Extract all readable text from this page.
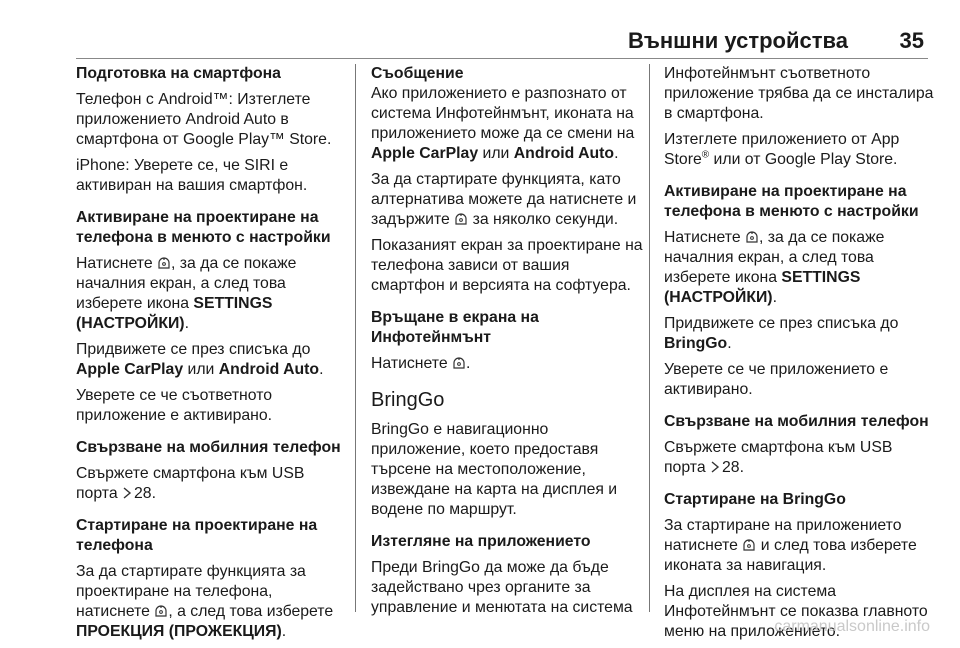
Външни устройства 35
Подготовка на смартфона
Телефон с Android™: Изтеглете приложението Android Auto в смартфона от Google Play™ Store.
iPhone: Уверете се, че SIRI е активиран на вашия смартфон.
Активиране на проектиране на телефона в менюто с настройки
Натиснете , за да се покаже началния екран, а след това изберете икона SETTINGS (НАСТРОЙКИ).
Придвижете се през списъка до Apple CarPlay или Android Auto.
Уверете се че съответното приложение е активирано.
Свързване на мобилния телефон
Свържете смартфона към USB порта 28.
Стартиране на проектиране на телефона
За да стартирате функцията за проектиране на телефона, натиснете , а след това изберете ПРОЕКЦИЯ (ПРОЖЕКЦИЯ).
Съобщение
Ако приложението е разпознато от система Инфотейнмънт, иконата на приложението може да се смени на Apple CarPlay или Android Auto.
За да стартирате функцията, като алтернатива можете да натиснете и задържите  за няколко секунди.
Показаният екран за проектиране на телефона зависи от вашия смартфон и версията на софтуера.
Връщане в екрана на Инфотейнмънт
Натиснете .
BringGo
BringGo е навигационно приложение, което предоставя търсене на местоположение, извеждане на карта на дисплея и водене по маршрут.
Изтегляне на приложението
Преди BringGo да може да бъде задействано чрез органите за управление и менютата на система
Инфотейнмънт съответното приложение трябва да се инсталира в смартфона.
Изтеглете приложението от App Store® или от Google Play Store.
Активиране на проектиране на телефона в менюто с настройки
Натиснете , за да се покаже началния екран, а след това изберете икона SETTINGS (НАСТРОЙКИ).
Придвижете се през списъка до BringGo.
Уверете се че приложението е активирано.
Свързване на мобилния телефон
Свържете смартфона към USB порта 28.
Стартиране на BringGo
За стартиране на приложението натиснете  и след това изберете иконата за навигация.
На дисплея на система Инфотейнмънт се показва главното меню на приложението.
carmanualsonline.info
